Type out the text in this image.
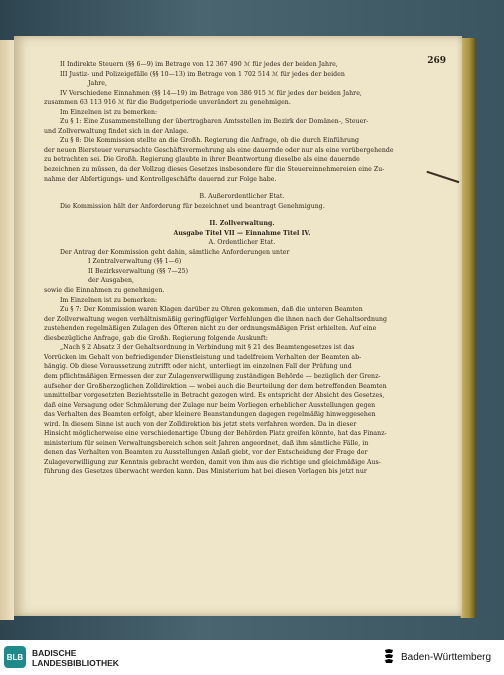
269
II Indirekte Steuern (§§ 6—9) im Betrage von 12 367 490 ℳ für jedes der beiden Jahre,
III Justiz- und Polizeigefälle (§§ 10—13) im Betrage von 1 702 514 ℳ für jedes der beiden
Jahre,
IV Verschiedene Einnahmen (§§ 14—19) im Betrage von 386 915 ℳ für jedes der beiden Jahre,
zusammen 63 113 916 ℳ für die Budgetperiode unverändert zu genehmigen.
Im Einzelnen ist zu bemerken:
Zu § 1: Eine Zusammenstellung der übertragbaren Amtsstellen im Bezirk der Domänen-, Steuer-
und Zollverwaltung findet sich in der Anlage.
Zu § 8: Die Kommission stellte an die Großh. Regierung die Anfrage, ob die durch Einführung
der neuen Biersteuer verursachte Geschäftsvermehrung als eine dauernde oder nur als eine vorübergehende
zu betrachten sei. Die Großh. Regierung glaubte in ihrer Beantwortung dieselbe als eine dauernde
bezeichnen zu müssen, da der Vollzug dieses Gesetzes insbesondere für die Steuereinnehmereien eine Zu-
nahme der Abfertigungs- und Kontrollgeschäfte dauernd zur Folge habe.
B. Außerordentlicher Etat.
Die Kommission hält der Anforderung für bezeichnet und beantragt Genehmigung.
II. Zollverwaltung.
Ausgabe Titel VII — Einnahme Titel IV.
A. Ordentlicher Etat.
Der Antrag der Kommission geht dahin, sämtliche Anforderungen unter
I Zentralverwaltung (§§ 1—6)
II Bezirksverwaltung (§§ 7—25)
der Ausgaben,
sowie die Einnahmen zu genehmigen.
Im Einzelnen ist zu bemerken:
Zu § 7: Der Kommission waren Klagen darüber zu Ohren gekommen, daß die unteren Beamten
der Zollverwaltung wegen verhältnismäßig geringfügiger Verfehlungen die ihnen nach der Gehaltsordnung
zustehenden regelmäßigen Zulagen des Öfteren nicht zu der ordnungsmäßigen Frist erhielten. Auf eine
diesbezügliche Anfrage, gab die Großh. Regierung folgende Auskunft:
„Nach § 2 Absatz 3 der Gehaltsordnung in Verbindung mit § 21 des Beamtengesetzes ist das
Vorrücken im Gehalt von befriedigender Dienstleistung und tadelfreiem Verhalten der Beamten ab-
hängig. Ob diese Voraussetzung zutrifft oder nicht, unterliegt im einzelnen Fall der Prüfung und
dem pflichtmäßigen Ermessen der zur Zulagenverwilligung zuständigen Behörde — bezüglich der Grenz-
aufseher der Großherzoglichen Zolldirektion — wobei auch die Beurteilung der dem betreffenden Beamten
unmittelbar vorgesetzten Beziehtsstelle in Betracht gezogen wird. Es entspricht der Absicht des Gesetzes,
daß eine Versagung oder Schmälerung der Zulage nur beim Vorliegen erheblicher Ausstellungen gegen
das Verhalten des Beamten erfolgt, aber kleinere Beanstandungen dagegen regelmäßig hinweggesehen
wird. In diesem Sinne ist auch von der Zolldirektion bis jetzt stets verfahren worden. Da in dieser
Hinsicht möglicherweise eine verschiedenartige Übung der Behörden Platz greifen könnte, hat das Finanz-
ministerium für seinen Verwaltungsbereich schon seit Jahren angeordnet, daß ihm sämtliche Fälle, in
denen das Verhalten von Beamten zu Ausstellungen Anlaß giebt, vor der Entscheidung der Frage der
Zulageverwilligung zur Kenntnis gebracht werden, damit von ihm aus die richtige und gleichmäßige Aus-
führung des Gesetzes überwacht werden kann. Das Ministerium hat bei diesen Vorlagen bis jetzt nur
BLB BADISCHE
LANDESBIBLIOTHEK	Baden-Württemberg
